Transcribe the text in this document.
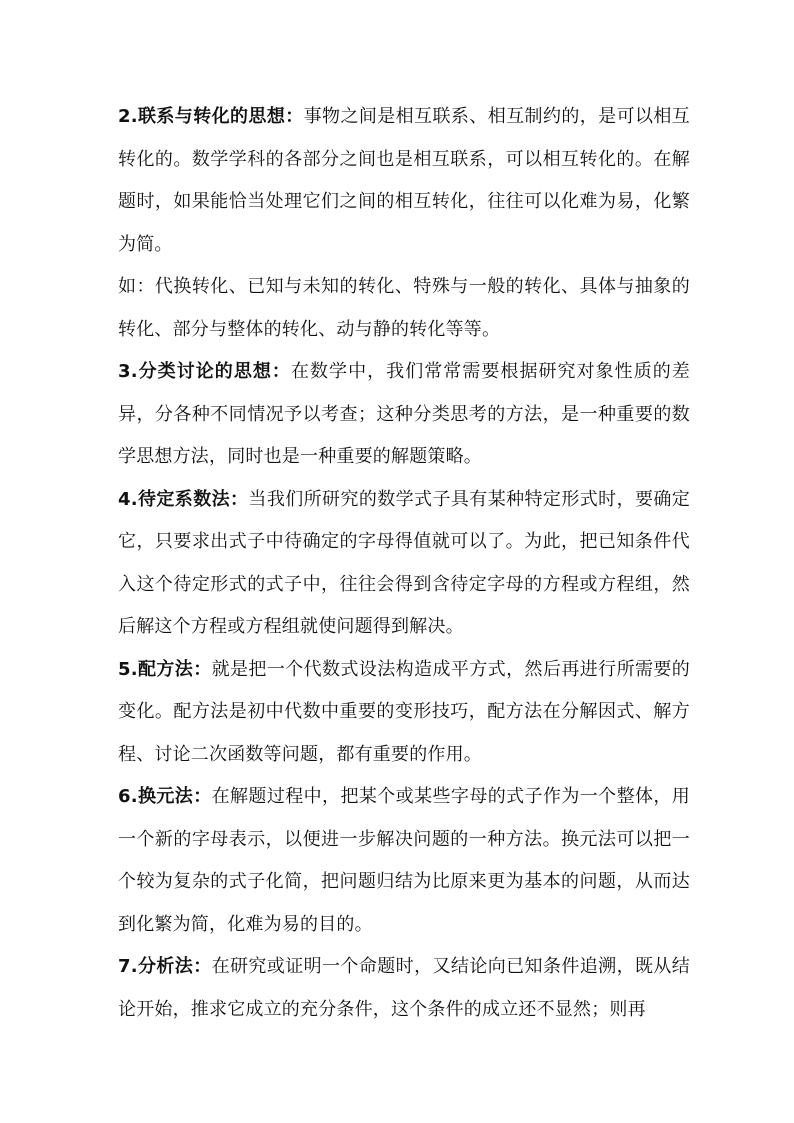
2.联系与转化的思想：事物之间是相互联系、相互制约的，是可以相互转化的。数学学科的各部分之间也是相互联系，可以相互转化的。在解题时，如果能恰当处理它们之间的相互转化，往往可以化难为易，化繁为简。

如：代换转化、已知与未知的转化、特殊与一般的转化、具体与抽象的转化、部分与整体的转化、动与静的转化等等。

3.分类讨论的思想：在数学中，我们常常需要根据研究对象性质的差异，分各种不同情况予以考查；这种分类思考的方法，是一种重要的数学思想方法，同时也是一种重要的解题策略。

4.待定系数法：当我们所研究的数学式子具有某种特定形式时，要确定它，只要求出式子中待确定的字母得值就可以了。为此，把已知条件代入这个待定形式的式子中，往往会得到含待定字母的方程或方程组，然后解这个方程或方程组就使问题得到解决。

5.配方法：就是把一个代数式设法构造成平方式，然后再进行所需要的变化。配方法是初中代数中重要的变形技巧，配方法在分解因式、解方程、讨论二次函数等问题，都有重要的作用。

6.换元法：在解题过程中，把某个或某些字母的式子作为一个整体，用一个新的字母表示，以便进一步解决问题的一种方法。换元法可以把一个较为复杂的式子化简，把问题归结为比原来更为基本的问题，从而达到化繁为简，化难为易的目的。

7.分析法：在研究或证明一个命题时，又结论向已知条件追溯，既从结论开始，推求它成立的充分条件，这个条件的成立还不显然；则再
